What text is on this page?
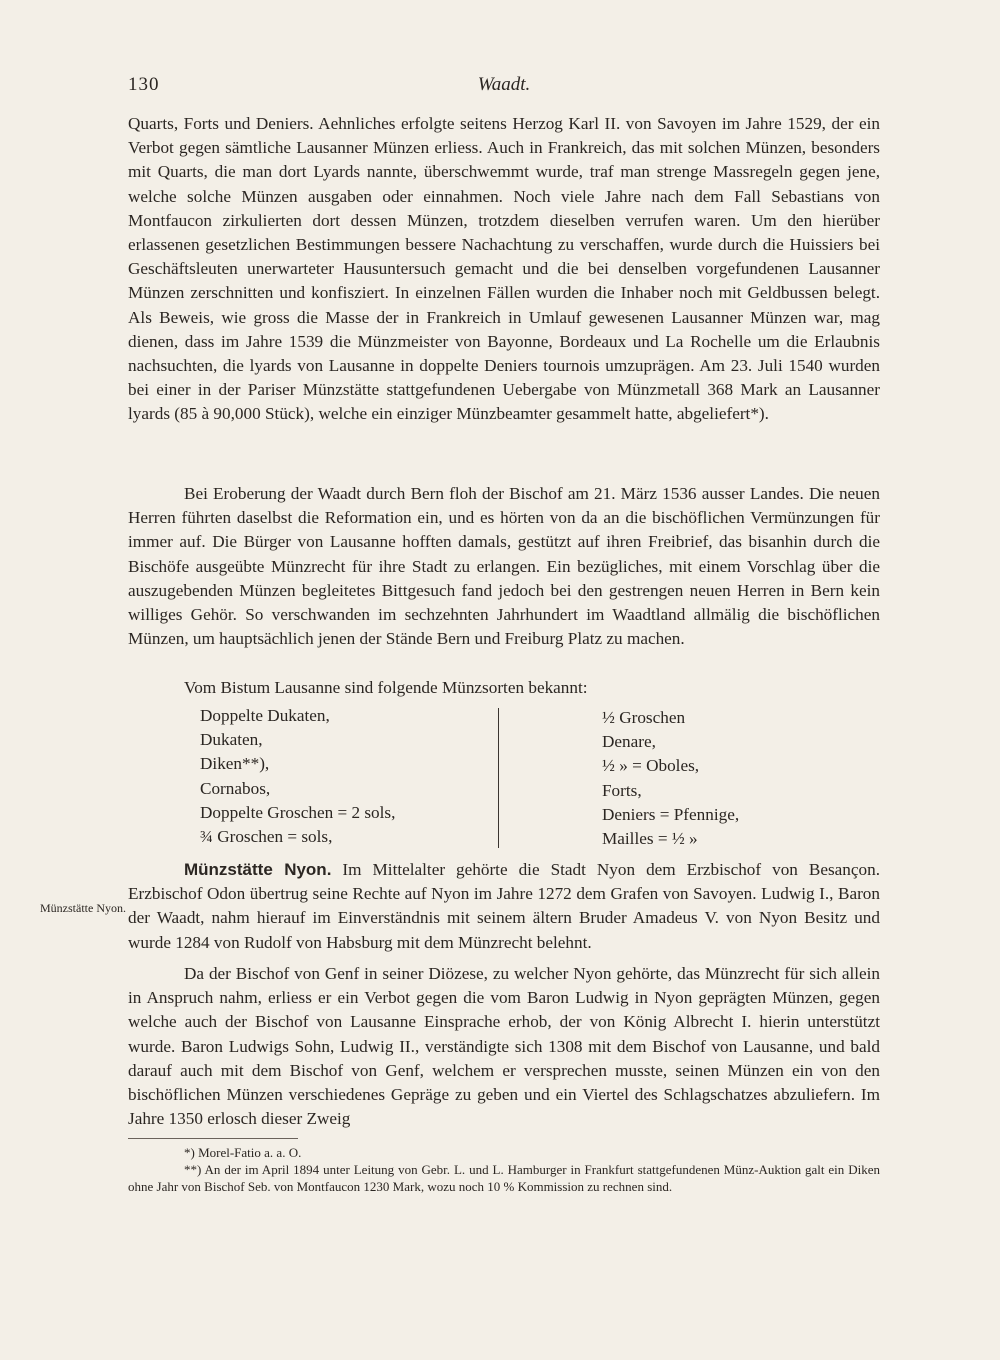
130	Waadt.

Quarts, Forts und Deniers. Aehnliches erfolgte seitens Herzog Karl II. von Savoyen im Jahre 1529, der ein Verbot gegen sämtliche Lausanner Münzen erliess. Auch in Frankreich, das mit solchen Münzen, besonders mit Quarts, die man dort Lyards nannte, überschwemmt wurde, traf man strenge Massregeln gegen jene, welche solche Münzen ausgaben oder einnahmen. Noch viele Jahre nach dem Fall Sebastians von Montfaucon zirkulierten dort dessen Münzen, trotzdem dieselben verrufen waren. Um den hierüber erlassenen gesetzlichen Bestimmungen bessere Nachachtung zu verschaffen, wurde durch die Huissiers bei Geschäftsleuten unerwarteter Hausuntersuch gemacht und die bei denselben vorgefundenen Lausanner Münzen zerschnitten und konfisziert. In einzelnen Fällen wurden die Inhaber noch mit Geldbussen belegt. Als Beweis, wie gross die Masse der in Frankreich in Umlauf gewesenen Lausanner Münzen war, mag dienen, dass im Jahre 1539 die Münzmeister von Bayonne, Bordeaux und La Rochelle um die Erlaubnis nachsuchten, die lyards von Lausanne in doppelte Deniers tournois umzuprägen. Am 23. Juli 1540 wurden bei einer in der Pariser Münzstätte stattgefundenen Uebergabe von Münzmetall 368 Mark an Lausanner lyards (85 à 90,000 Stück), welche ein einziger Münzbeamter gesammelt hatte, abgeliefert*).

Bei Eroberung der Waadt durch Bern floh der Bischof am 21. März 1536 ausser Landes. Die neuen Herren führten daselbst die Reformation ein, und es hörten von da an die bischöflichen Vermünzungen für immer auf. Die Bürger von Lausanne hofften damals, gestützt auf ihren Freibrief, das bisanhin durch die Bischöfe ausgeübte Münzrecht für ihre Stadt zu erlangen. Ein bezügliches, mit einem Vorschlag über die auszugebenden Münzen begleitetes Bittgesuch fand jedoch bei den gestrengen neuen Herren in Bern kein williges Gehör. So verschwanden im sechzehnten Jahrhundert im Waadtland allmälig die bischöflichen Münzen, um hauptsächlich jenen der Stände Bern und Freiburg Platz zu machen.

Vom Bistum Lausanne sind folgende Münzsorten bekannt:
Doppelte Dukaten,
Dukaten,
Diken**),
Cornabos,
Doppelte Groschen = 2 sols,
¾ Groschen = sols,
½ Groschen
Denare,
½ » = Oboles,
Forts,
Deniers = Pfennige,
Mailles = ½ »

Münzstätte Nyon. Im Mittelalter gehörte die Stadt Nyon dem Erzbischof von Besançon. Erzbischof Odon übertrug seine Rechte auf Nyon im Jahre 1272 dem Grafen von Savoyen. Ludwig I., Baron der Waadt, nahm hierauf im Einverständnis mit seinem ältern Bruder Amadeus V. von Nyon Besitz und wurde 1284 von Rudolf von Habsburg mit dem Münzrecht belehnt.

Münzstätte Nyon.

Da der Bischof von Genf in seiner Diözese, zu welcher Nyon gehörte, das Münzrecht für sich allein in Anspruch nahm, erliess er ein Verbot gegen die vom Baron Ludwig in Nyon geprägten Münzen, gegen welche auch der Bischof von Lausanne Einsprache erhob, der von König Albrecht I. hierin unterstützt wurde. Baron Ludwigs Sohn, Ludwig II., verständigte sich 1308 mit dem Bischof von Lausanne, und bald darauf auch mit dem Bischof von Genf, welchem er versprechen musste, seinen Münzen ein von den bischöflichen Münzen verschiedenes Gepräge zu geben und ein Viertel des Schlagschatzes abzuliefern. Im Jahre 1350 erlosch dieser Zweig

*) Morel-Fatio a. a. O.

**) An der im April 1894 unter Leitung von Gebr. L. und L. Hamburger in Frankfurt stattgefundenen Münz-Auktion galt ein Diken ohne Jahr von Bischof Seb. von Montfaucon 1230 Mark, wozu noch 10 % Kommission zu rechnen sind.
